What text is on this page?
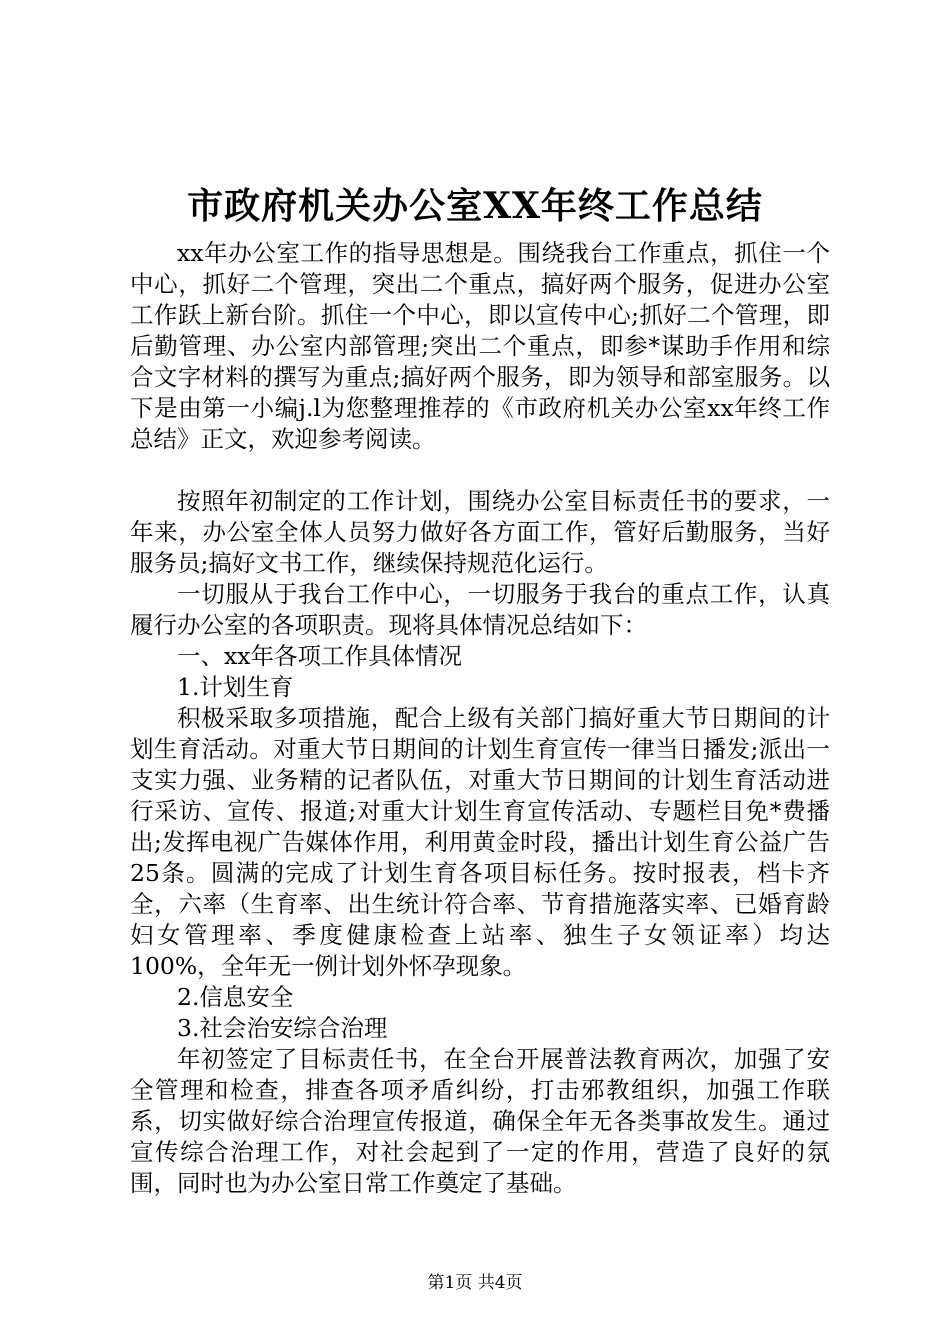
市政府机关办公室XX年终工作总结

xx年办公室工作的指导思想是。围绕我台工作重点，抓住一个中心，抓好二个管理，突出二个重点，搞好两个服务，促进办公室工作跃上新台阶。抓住一个中心，即以宣传中心;抓好二个管理，即后勤管理、办公室内部管理;突出二个重点，即参*谋助手作用和综合文字材料的撰写为重点;搞好两个服务，即为领导和部室服务。以下是由第一小编j.l为您整理推荐的《市政府机关办公室xx年终工作总结》正文，欢迎参考阅读。

按照年初制定的工作计划，围绕办公室目标责任书的要求，一年来，办公室全体人员努力做好各方面工作，管好后勤服务，当好服务员;搞好文书工作，继续保持规范化运行。

一切服从于我台工作中心，一切服务于我台的重点工作，认真履行办公室的各项职责。现将具体情况总结如下：

一、xx年各项工作具体情况

1.计划生育

积极采取多项措施，配合上级有关部门搞好重大节日期间的计划生育活动。对重大节日期间的计划生育宣传一律当日播发;派出一支实力强、业务精的记者队伍，对重大节日期间的计划生育活动进行采访、宣传、报道;对重大计划生育宣传活动、专题栏目免*费播出;发挥电视广告媒体作用，利用黄金时段，播出计划生育公益广告25条。圆满的完成了计划生育各项目标任务。按时报表，档卡齐全，六率（生育率、出生统计符合率、节育措施落实率、已婚育龄妇女管理率、季度健康检查上站率、独生子女领证率）均达100%，全年无一例计划外怀孕现象。

2.信息安全

3.社会治安综合治理

年初签定了目标责任书，在全台开展普法教育两次，加强了安全管理和检查，排查各项矛盾纠纷，打击邪教组织，加强工作联系，切实做好综合治理宣传报道，确保全年无各类事故发生。通过宣传综合治理工作，对社会起到了一定的作用，营造了良好的氛围，同时也为办公室日常工作奠定了基础。

第1页 共4页
